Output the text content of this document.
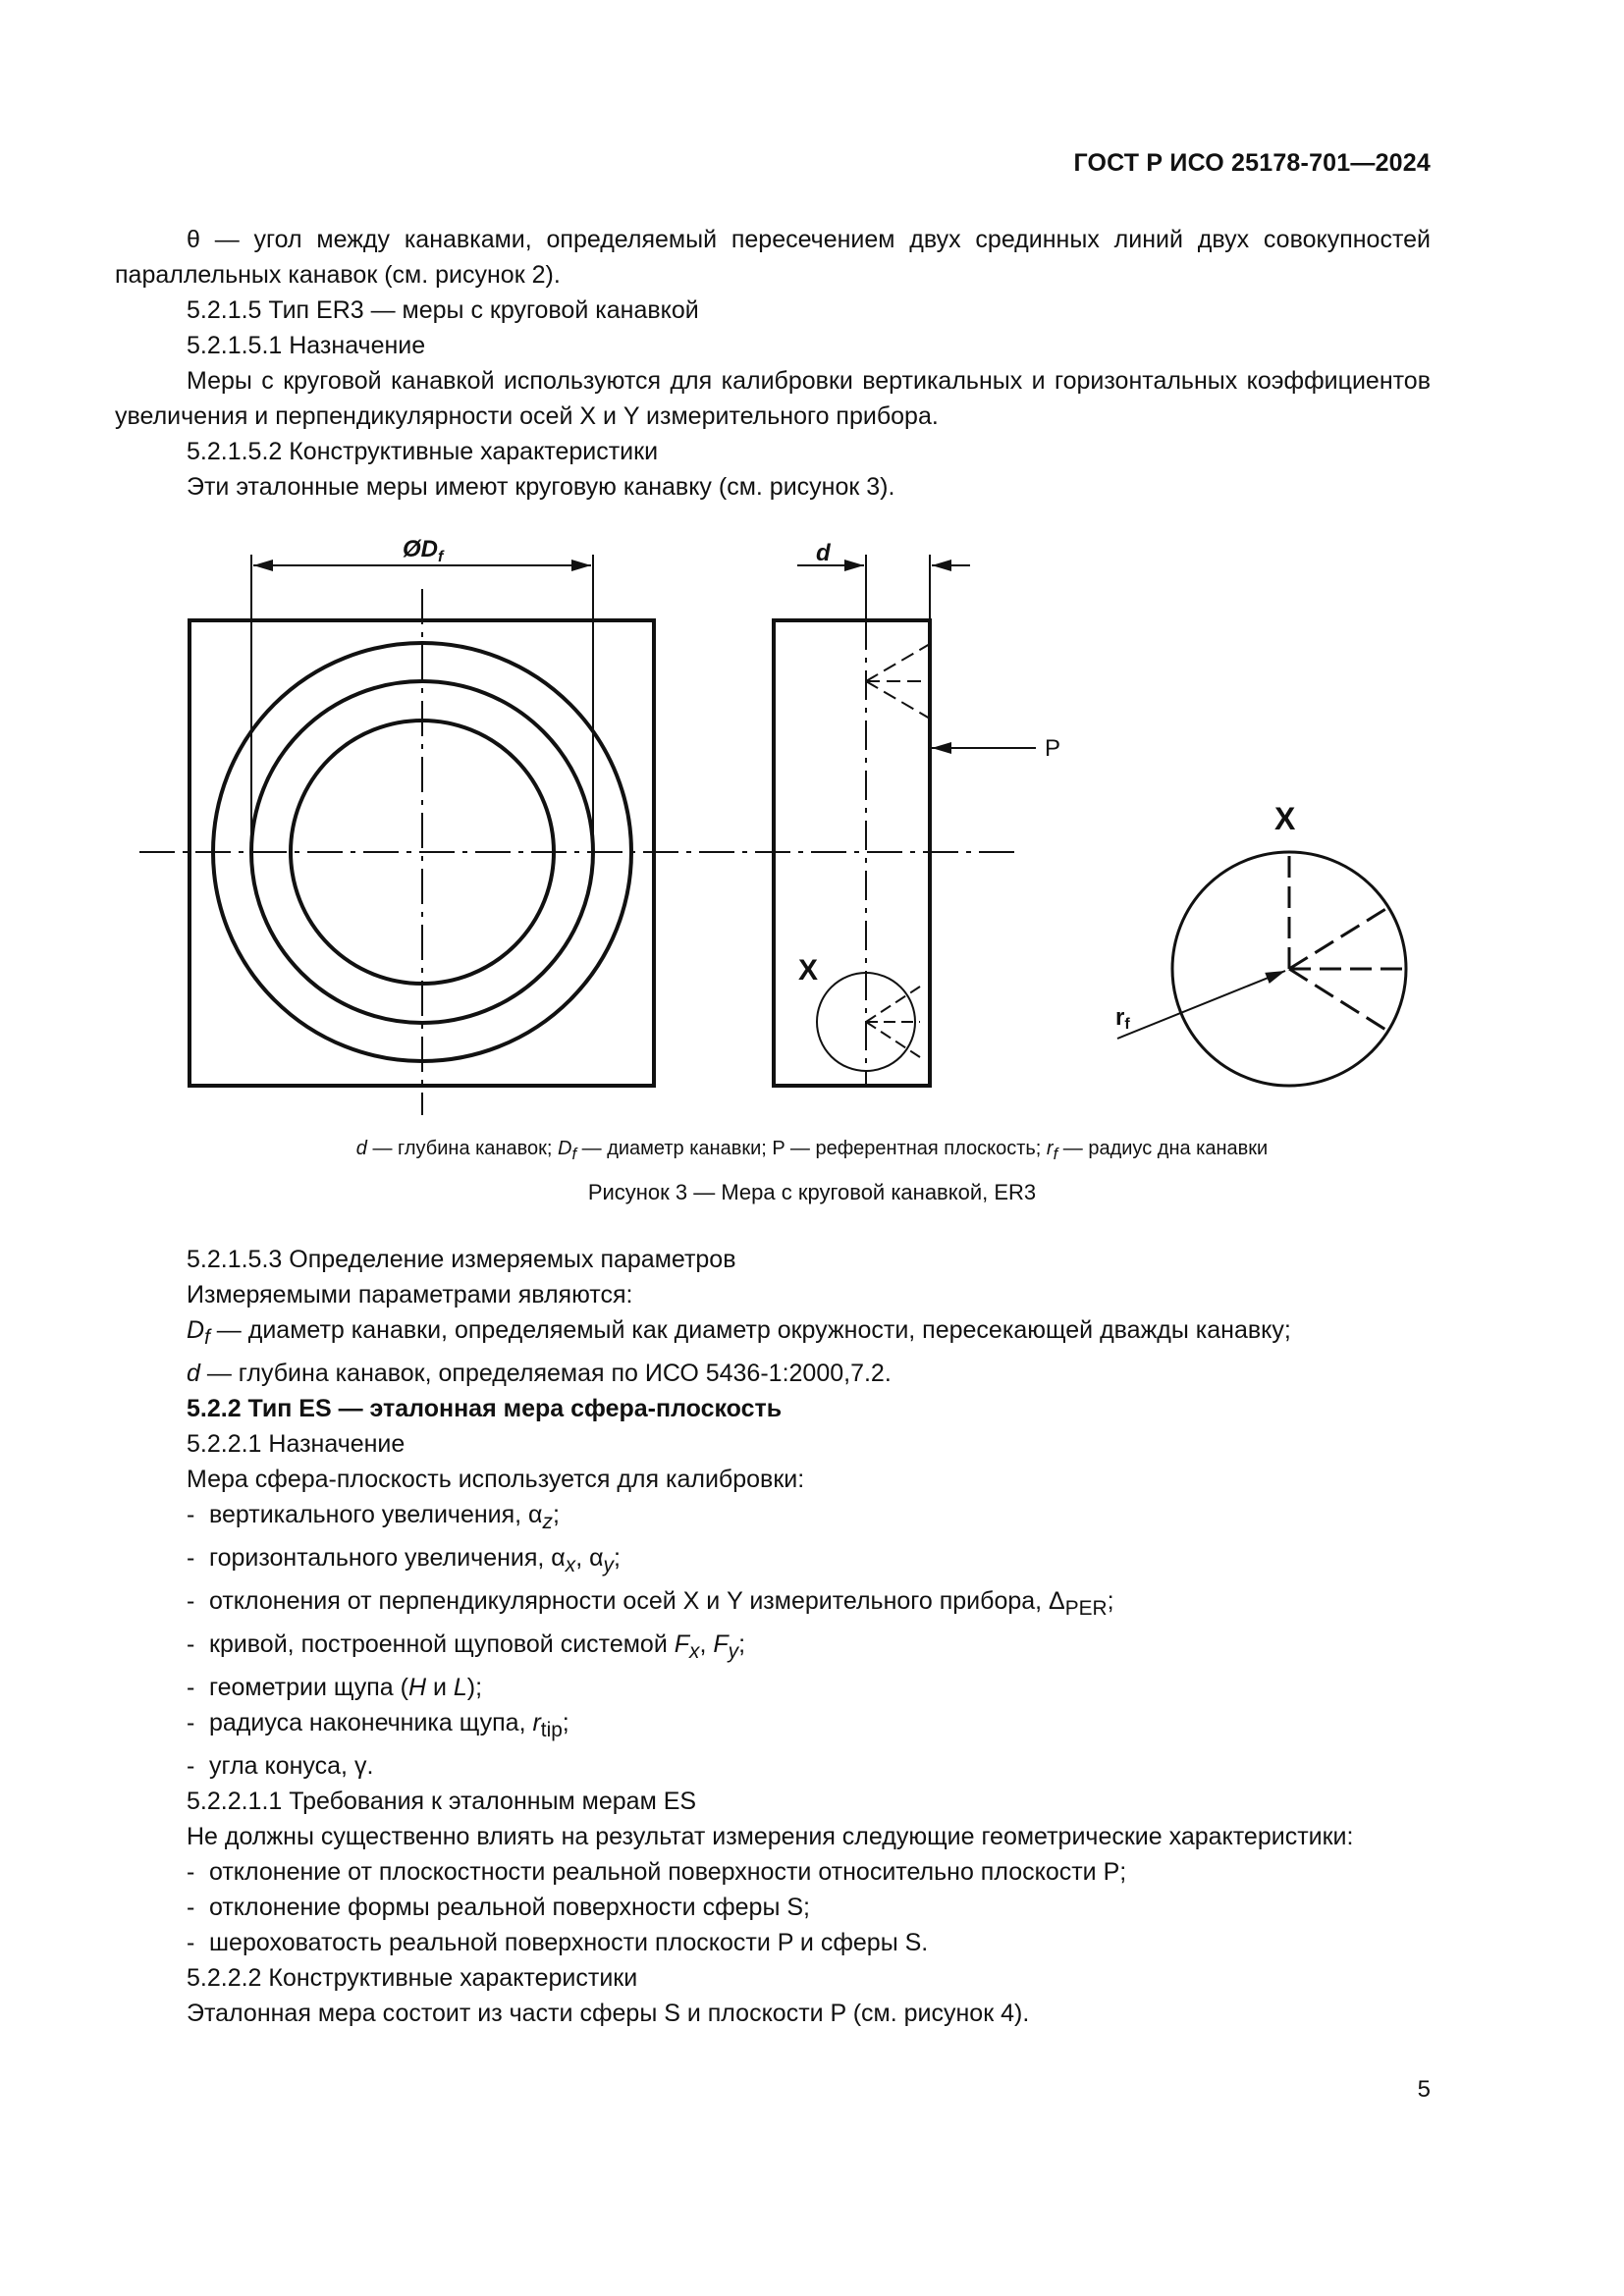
ГОСТ Р ИСО 25178-701—2024

θ — угол между канавками, определяемый пересечением двух срединных линий двух совокупностей параллельных канавок (см. рисунок 2).

5.2.1.5 Тип ER3 — меры с круговой канавкой

5.2.1.5.1 Назначение

Меры с круговой канавкой используются для калибровки вертикальных и горизонтальных коэффициентов увеличения и перпендикулярности осей X и Y измерительного прибора.

5.2.1.5.2 Конструктивные характеристики

Эти эталонные меры имеют круговую канавку (см. рисунок 3).

$ØD_f$	d
P
X
X
rf
d — глубина канавок; $D_f$ — диаметр канавки; P — референтная плоскость; $r_f$ — радиус дна канавки
Рисунок 3 — Мера с круговой канавкой, ER3

5.2.1.5.3 Определение измеряемых параметров

Измеряемыми параметрами являются:

$D_f$ — диаметр канавки, определяемый как диаметр окружности, пересекающей дважды канавку;

d — глубина канавок, определяемая по ИСО 5436-1:2000,7.2.

5.2.2 Тип ES — эталонная мера сфера-плоскость

5.2.2.1 Назначение

Мера сфера-плоскость используется для калибровки:

- вертикального увеличения, $\alpha_z$;

- горизонтального увеличения, $\alpha_x$, $\alpha_y$;

- отклонения от перпендикулярности осей X и Y измерительного прибора, $\Delta_{PER}$;

- кривой, построенной щуповой системой $F_x$, $F_y$;

- геометрии щупа (H и L);

- радиуса наконечника щупа, $r_{tip}$;

- угла конуса, γ.

5.2.2.1.1 Требования к эталонным мерам ES

Не должны существенно влиять на результат измерения следующие геометрические характеристики:

- отклонение от плоскостности реальной поверхности относительно плоскости P;

- отклонение формы реальной поверхности сферы S;

- шероховатость реальной поверхности плоскости P и сферы S.

5.2.2.2 Конструктивные характеристики

Эталонная мера состоит из части сферы S и плоскости P (см. рисунок 4).

5
